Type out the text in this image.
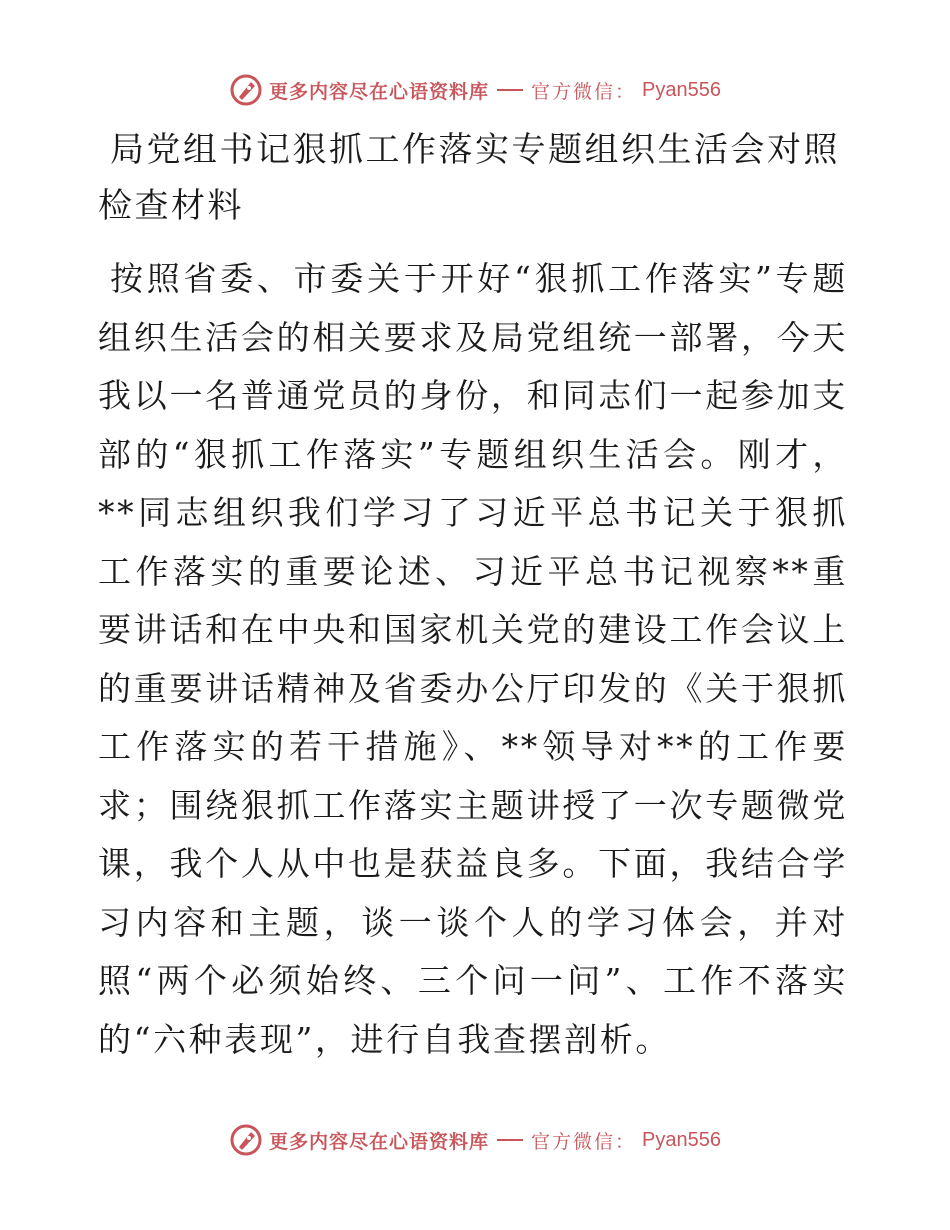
更多内容尽在心语资料库 官方微信： Pyan556
局党组书记狠抓工作落实专题组织生活会对照检查材料

按照省委、市委关于开好“狠抓工作落实”专题组织生活会的相关要求及局党组统一部署，今天我以一名普通党员的身份，和同志们一起参加支部的“狠抓工作落实”专题组织生活会。刚才，**同志组织我们学习了习近平总书记关于狠抓工作落实的重要论述、习近平总书记视察**重要讲话和在中央和国家机关党的建设工作会议上的重要讲话精神及省委办公厅印发的《关于狠抓工作落实的若干措施》、**领导对**的工作要求；围绕狠抓工作落实主题讲授了一次专题微党课，我个人从中也是获益良多。下面，我结合学习内容和主题，谈一谈个人的学习体会，并对照“两个必须始终、三个问一问”、工作不落实的“六种表现”，进行自我查摆剖析。

更多内容尽在心语资料库 官方微信： Pyan556
